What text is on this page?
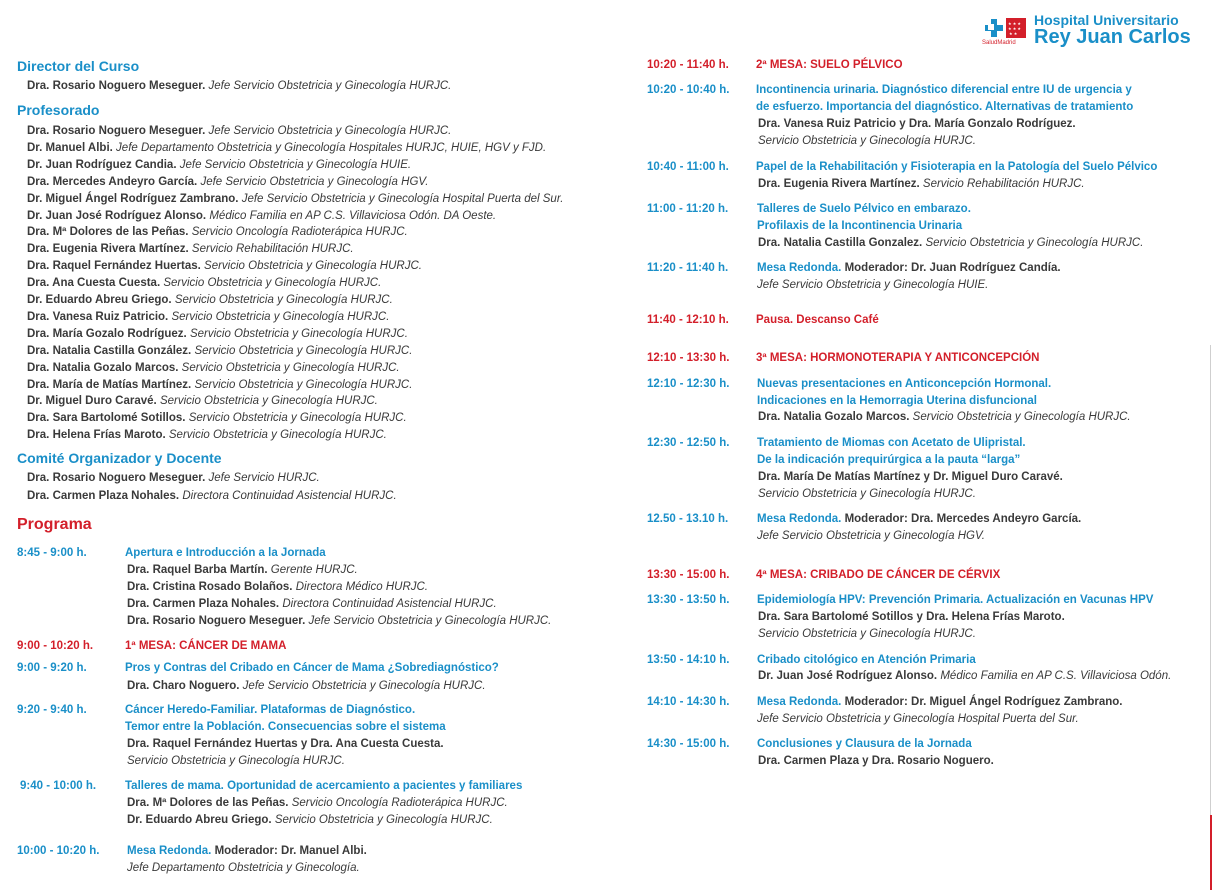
★ ★ ★
★ ★ ★
★ ★
SaludMadrid
Hospital Universitario
Rey Juan Carlos
Director del Curso
Dra. Rosario Noguero Meseguer. Jefe Servicio Obstetricia y Ginecología HURJC.
Profesorado
Dra. Rosario Noguero Meseguer. Jefe Servicio Obstetricia y Ginecología HURJC.
Dr. Manuel Albi. Jefe Departamento Obstetricia y Ginecología Hospitales HURJC, HUIE, HGV y FJD.
Dr. Juan Rodríguez Candia. Jefe Servicio Obstetricia y Ginecología HUIE.
Dra. Mercedes Andeyro García. Jefe Servicio Obstetricia y Ginecología HGV.
Dr. Miguel Ángel Rodríguez Zambrano. Jefe Servicio Obstetricia y Ginecología Hospital Puerta del Sur.
Dr. Juan José Rodríguez Alonso. Médico Familia en AP C.S. Villaviciosa Odón. DA Oeste.
Dra. Mª Dolores de las Peñas. Servicio Oncología Radioterápica HURJC.
Dra. Eugenia Rivera Martínez. Servicio Rehabilitación HURJC.
Dra. Raquel Fernández Huertas. Servicio Obstetricia y Ginecología HURJC.
Dra. Ana Cuesta Cuesta. Servicio Obstetricia y Ginecología HURJC.
Dr. Eduardo Abreu Griego. Servicio Obstetricia y Ginecología HURJC.
Dra. Vanesa Ruiz Patricio. Servicio Obstetricia y Ginecología HURJC.
Dra. María Gozalo Rodríguez. Servicio Obstetricia y Ginecología HURJC.
Dra. Natalia Castilla González. Servicio Obstetricia y Ginecología HURJC.
Dra. Natalia Gozalo Marcos. Servicio Obstetricia y Ginecología HURJC.
Dra. María de Matías Martínez. Servicio Obstetricia y Ginecología HURJC.
Dr. Miguel Duro Caravé. Servicio Obstetricia y Ginecología HURJC.
Dra. Sara Bartolomé Sotillos. Servicio Obstetricia y Ginecología HURJC.
Dra. Helena Frías Maroto. Servicio Obstetricia y Ginecología HURJC.
Comité Organizador y Docente
Dra. Rosario Noguero Meseguer. Jefe Servicio HURJC.
Dra. Carmen Plaza Nohales. Directora Continuidad Asistencial HURJC.
Programa
8:45 - 9:00 h.	Apertura e Introducción a la Jornada
Dra. Raquel Barba Martín. Gerente HURJC.
Dra. Cristina Rosado Bolaños. Directora Médico HURJC.
Dra. Carmen Plaza Nohales. Directora Continuidad Asistencial HURJC.
Dra. Rosario Noguero Meseguer. Jefe Servicio Obstetricia y Ginecología HURJC.
9:00 - 10:20 h.	1ª MESA: CÁNCER DE MAMA
9:00 - 9:20 h.	Pros y Contras del Cribado en Cáncer de Mama ¿Sobrediagnóstico?
Dra. Charo Noguero. Jefe Servicio Obstetricia y Ginecología HURJC.
9:20 - 9:40 h.	Cáncer Heredo-Familiar. Plataformas de Diagnóstico.
Temor entre la Población. Consecuencias sobre el sistema
Dra. Raquel Fernández Huertas y Dra. Ana Cuesta Cuesta.
Servicio Obstetricia y Ginecología HURJC.
9:40 - 10:00 h.	Talleres de mama. Oportunidad de acercamiento a pacientes y familiares
Dra. Mª Dolores de las Peñas. Servicio Oncología Radioterápica HURJC.
Dr. Eduardo Abreu Griego. Servicio Obstetricia y Ginecología HURJC.
10:00 - 10:20 h. Mesa Redonda. Moderador: Dr. Manuel Albi.
Jefe Departamento Obstetricia y Ginecología.
10:20 - 11:40 h. 2ª MESA: SUELO PÉLVICO
10:20 - 10:40 h. Incontinencia urinaria. Diagnóstico diferencial entre IU de urgencia y
de esfuerzo. Importancia del diagnóstico. Alternativas de tratamiento
Dra. Vanesa Ruiz Patricio y Dra. María Gonzalo Rodríguez.
Servicio Obstetricia y Ginecología HURJC.
10:40 - 11:00 h. Papel de la Rehabilitación y Fisioterapia en la Patología del Suelo Pélvico
Dra. Eugenia Rivera Martínez. Servicio Rehabilitación HURJC.
11:00 - 11:20 h.	Talleres de Suelo Pélvico en embarazo.
Profilaxis de la Incontinencia Urinaria
Dra. Natalia Castilla Gonzalez. Servicio Obstetricia y Ginecología HURJC.
11:20 - 11:40 h.	Mesa Redonda. Moderador: Dr. Juan Rodríguez Candía.
Jefe Servicio Obstetricia y Ginecología HUIE.
11:40 - 12:10 h. Pausa. Descanso Café
12:10 - 13:30 h. 3ª MESA: HORMONOTERAPIA Y ANTICONCEPCIÓN
12:10 - 12:30 h. Nuevas presentaciones en Anticoncepción Hormonal.
Indicaciones en la Hemorragia Uterina disfuncional
Dra. Natalia Gozalo Marcos. Servicio Obstetricia y Ginecología HURJC.
12:30 - 12:50 h. Tratamiento de Miomas con Acetato de Ulipristal.
De la indicación prequirúrgica a la pauta “larga”
Dra. María De Matías Martínez y Dr. Miguel Duro Caravé.
Servicio Obstetricia y Ginecología HURJC.
12.50 - 13.10 h.	Mesa Redonda. Moderador: Dra. Mercedes Andeyro García.
Jefe Servicio Obstetricia y Ginecología HGV.
13:30 - 15:00 h. 4ª MESA: CRIBADO DE CÁNCER DE CÉRVIX
13:30 - 13:50 h. Epidemiología HPV: Prevención Primaria. Actualización en Vacunas HPV
Dra. Sara Bartolomé Sotillos y Dra. Helena Frías Maroto.
Servicio Obstetricia y Ginecología HURJC.
13:50 - 14:10 h. Cribado citológico en Atención Primaria
Dr. Juan José Rodríguez Alonso. Médico Familia en AP C.S. Villaviciosa Odón.
14:10 - 14:30 h. Mesa Redonda. Moderador: Dr. Miguel Ángel Rodríguez Zambrano.
Jefe Servicio Obstetricia y Ginecología Hospital Puerta del Sur.
14:30 - 15:00 h. Conclusiones y Clausura de la Jornada
Dra. Carmen Plaza y Dra. Rosario Noguero.
